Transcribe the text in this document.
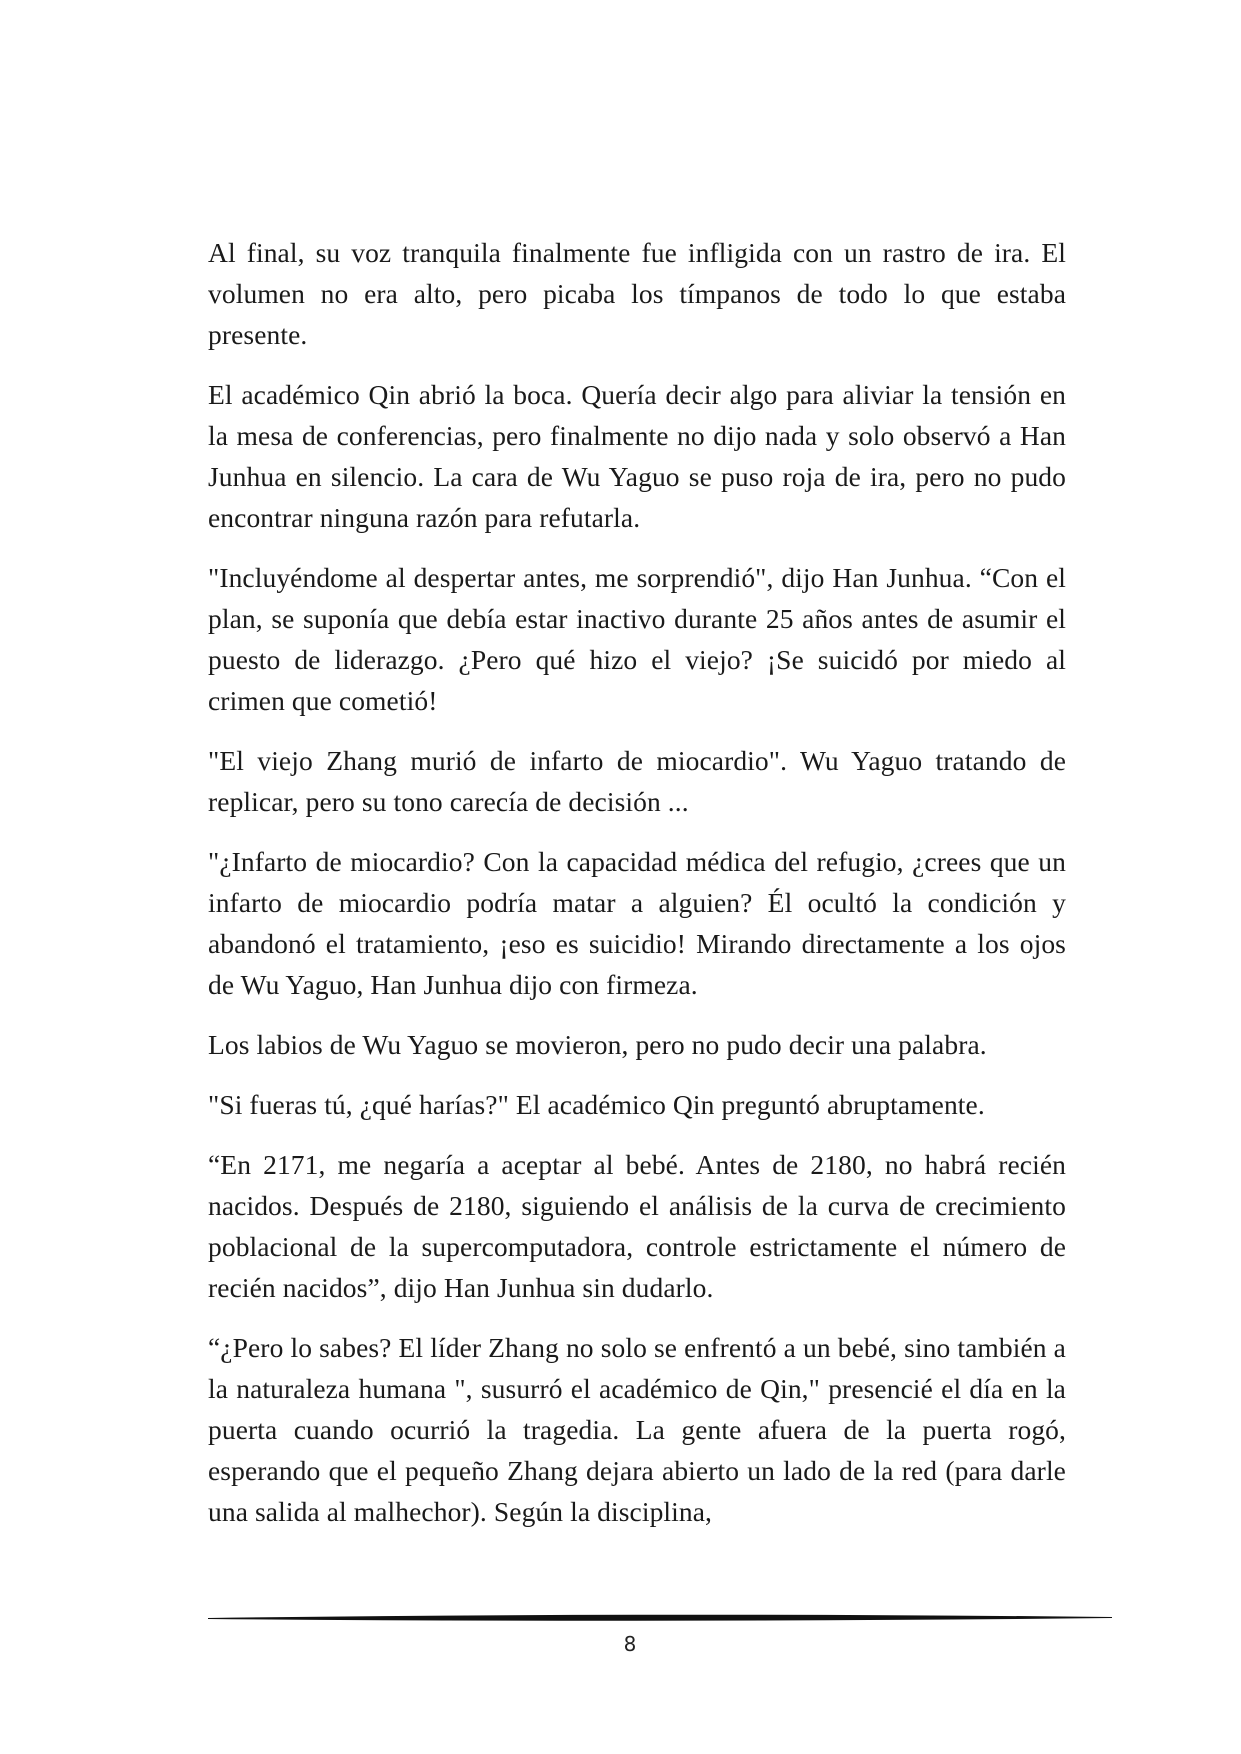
Al final, su voz tranquila finalmente fue infligida con un rastro de ira. El volumen no era alto, pero picaba los tímpanos de todo lo que estaba presente.

El académico Qin abrió la boca. Quería decir algo para aliviar la tensión en la mesa de conferencias, pero finalmente no dijo nada y solo observó a Han Junhua en silencio. La cara de Wu Yaguo se puso roja de ira, pero no pudo encontrar ninguna razón para refutarla.

"Incluyéndome al despertar antes, me sorprendió", dijo Han Junhua. “Con el plan, se suponía que debía estar inactivo durante 25 años antes de asumir el puesto de liderazgo. ¿Pero qué hizo el viejo? ¡Se suicidó por miedo al crimen que cometió!

"El viejo Zhang murió de infarto de miocardio". Wu Yaguo tratando de replicar, pero su tono carecía de decisión ...

"¿Infarto de miocardio? Con la capacidad médica del refugio, ¿crees que un infarto de miocardio podría matar a alguien? Él ocultó la condición y abandonó el tratamiento, ¡eso es suicidio! Mirando directamente a los ojos de Wu Yaguo, Han Junhua dijo con firmeza.

Los labios de Wu Yaguo se movieron, pero no pudo decir una palabra.

"Si fueras tú, ¿qué harías?" El académico Qin preguntó abruptamente.

“En 2171, me negaría a aceptar al bebé. Antes de 2180, no habrá recién nacidos. Después de 2180, siguiendo el análisis de la curva de crecimiento poblacional de la supercomputadora, controle estrictamente el número de recién nacidos”, dijo Han Junhua sin dudarlo.

“¿Pero lo sabes? El líder Zhang no solo se enfrentó a un bebé, sino también a la naturaleza humana ", susurró el académico de Qin," presencié el día en la puerta cuando ocurrió la tragedia. La gente afuera de la puerta rogó, esperando que el pequeño Zhang dejara abierto un lado de la red (para darle una salida al malhechor). Según la disciplina,

8
